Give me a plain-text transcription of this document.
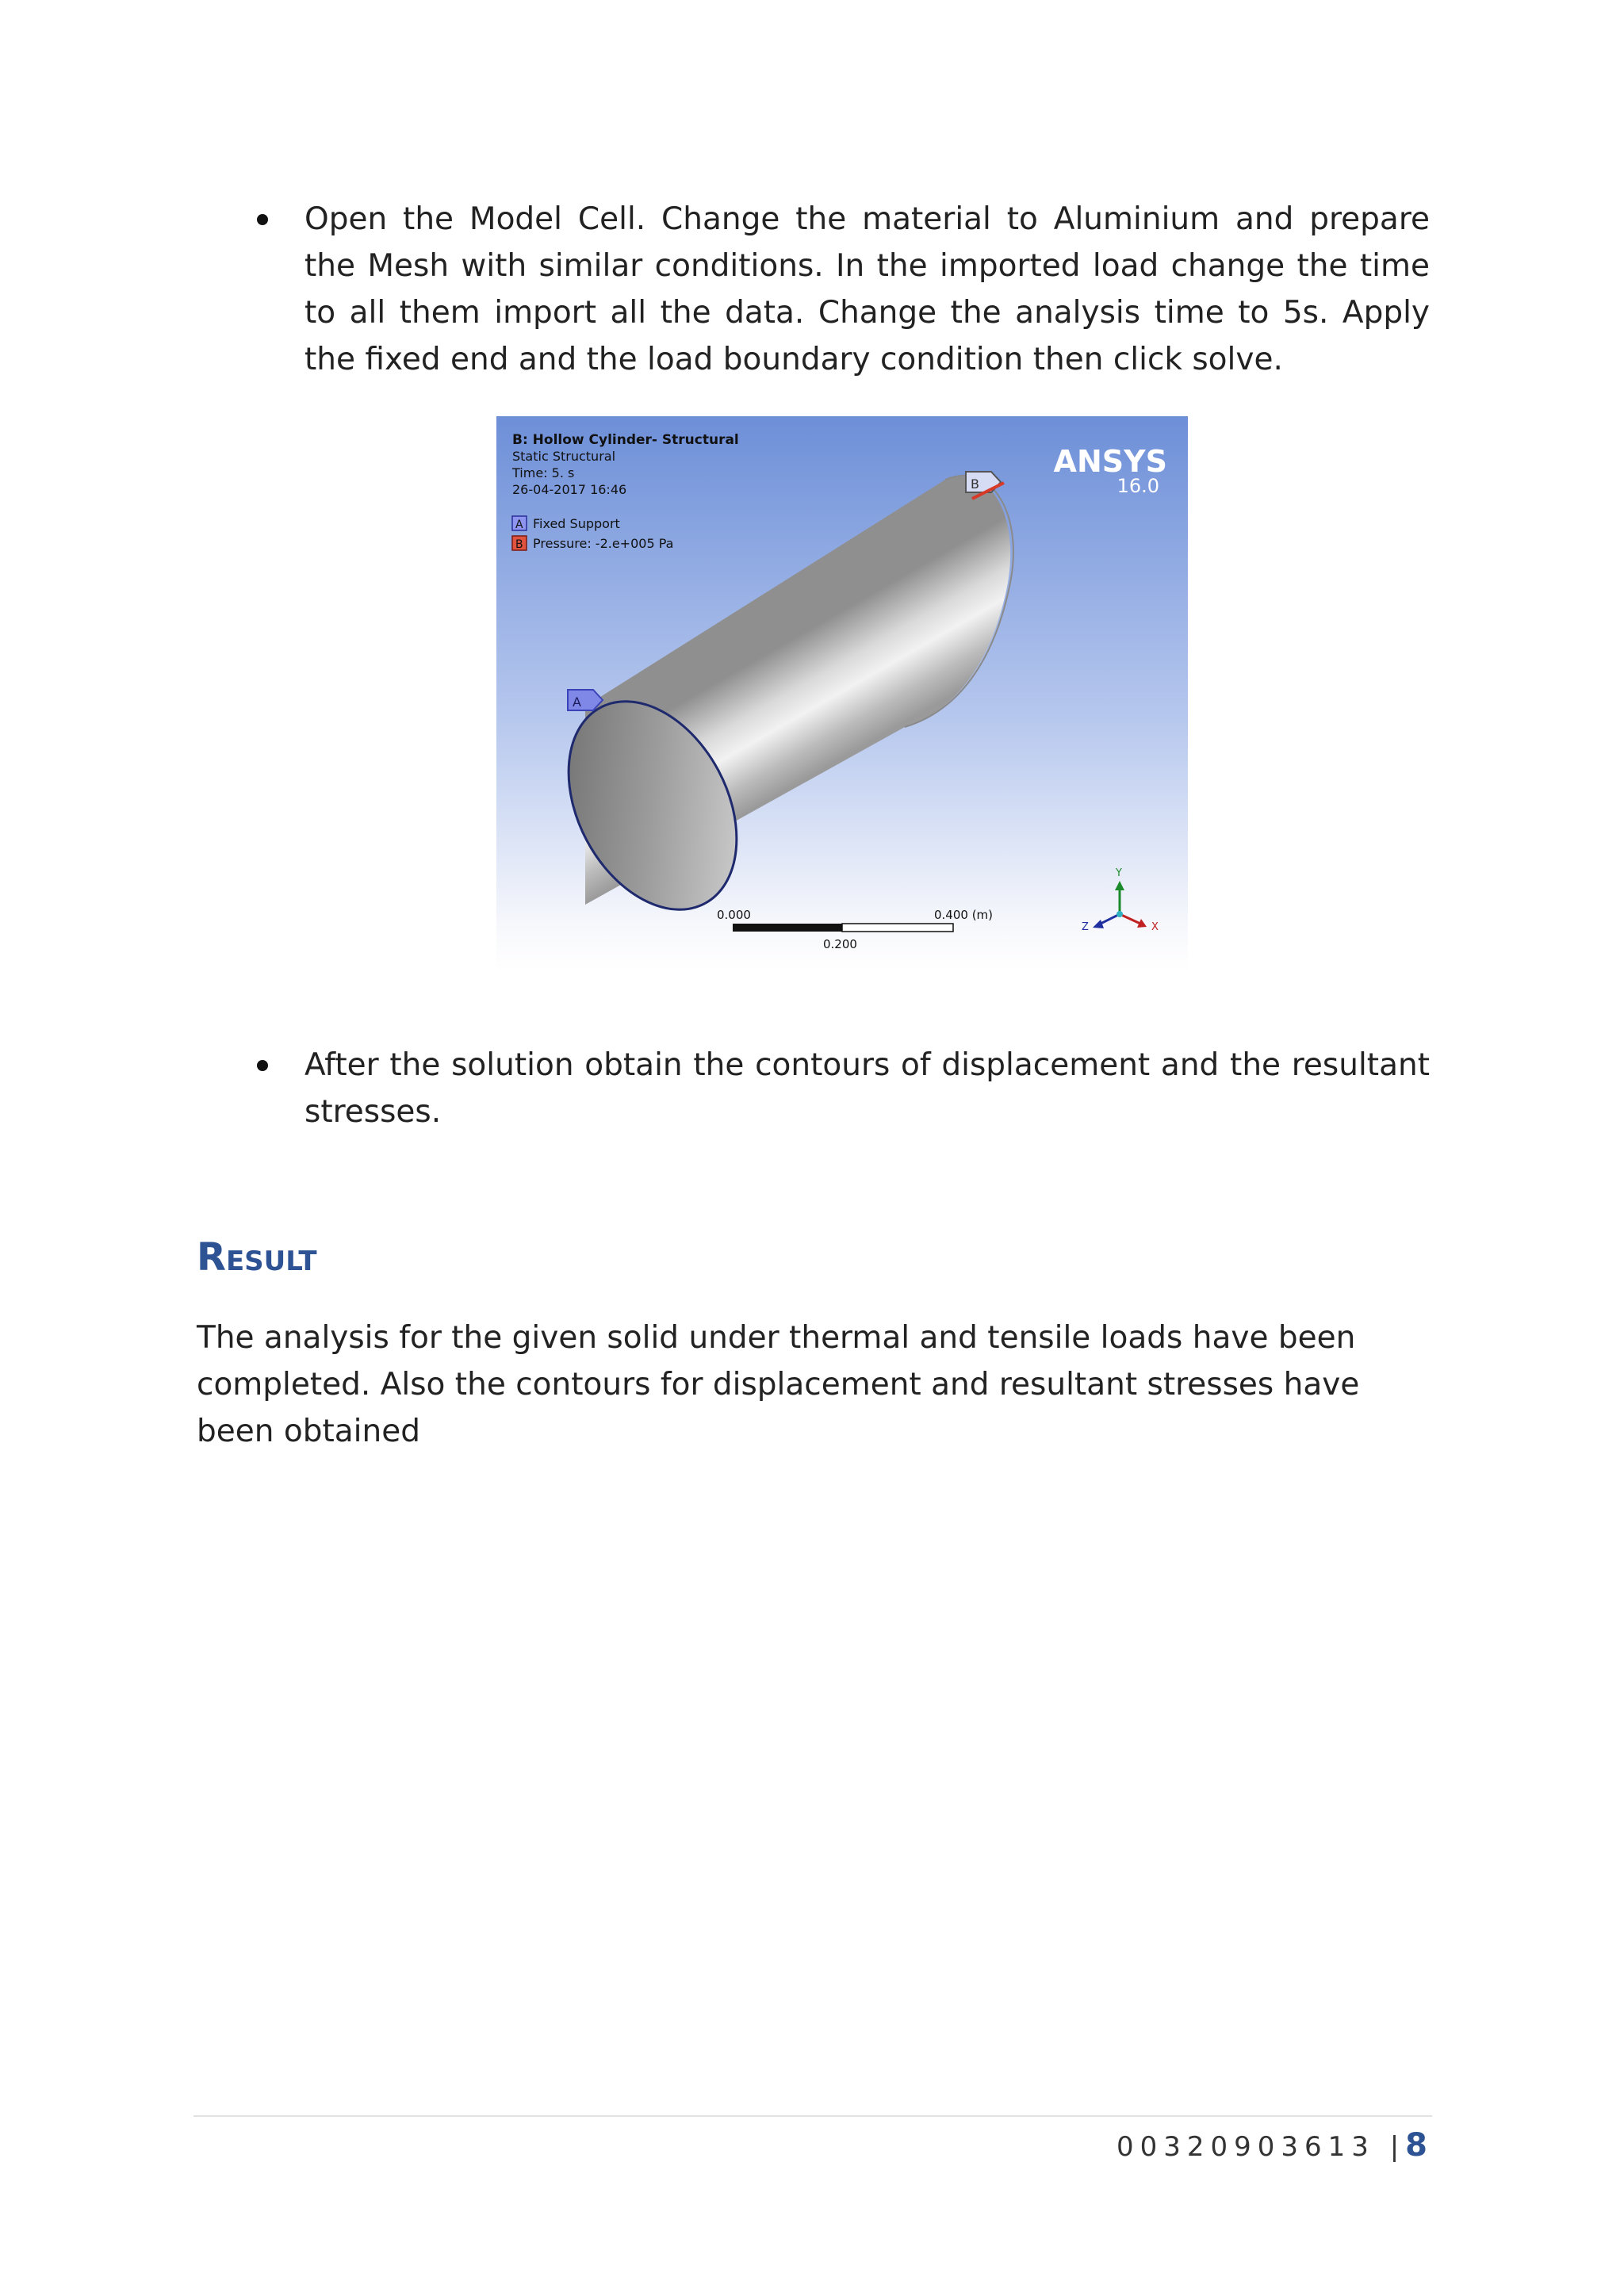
Open the Model Cell. Change the material to Aluminium and prepare the Mesh with similar conditions. In the imported load change the time to all them import all the data. Change the analysis time to 5s. Apply the fixed end and the load boundary condition then click solve.
A
B
B: Hollow Cylinder- Structural
Static Structural
Time: 5. s
26-04-2017 16:46
A Fixed Support
B Pressure: -2.e+005 Pa
ANSYS
16.0
0.000	0.400 (m)
0.200
Y
X
Z
After the solution obtain the contours of displacement and the resultant stresses.
Result
The analysis for the given solid under thermal and tensile loads have been completed. Also the contours for displacement and resultant stresses have been obtained
00320903613 |8
